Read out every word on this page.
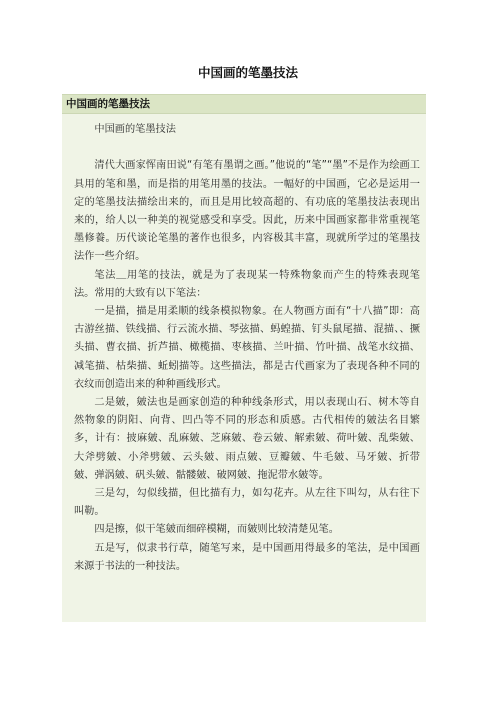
中国画的笔墨技法
中国画的笔墨技法

中国画的笔墨技法

清代大画家恽南田说“有笔有墨谓之画。”他说的“笔”“墨”不是作为绘画工具用的笔和墨，而是指的用笔用墨的技法。一幅好的中国画，它必是运用一定的笔墨技法描绘出来的，而且是用比较高超的、有功底的笔墨技法表现出来的，给人以一种美的视觉感受和享受。因此，历来中国画家都非常重视笔墨修養。历代谈论笔墨的著作也很多，内容极其丰富，现就所学过的笔墨技法作一些介绍。

笔法＿用笔的技法，就是为了表现某一特殊物象而产生的特殊表现笔法。常用的大致有以下笔法：

一是描，描是用柔顺的线条模拟物象。在人物画方面有“十八描”即：高古游丝描、铁线描、行云流水描、琴弦描、蚂蝗描、钉头鼠尾描、混描、、撅头描、曹衣描、折芦描、橄榄描、枣核描、兰叶描、竹叶描、战笔水纹描、减笔描、枯柴描、蚯蚓描等。这些描法，都是古代画家为了表现各种不同的衣纹而创造出来的种种画线形式。

二是皴，皴法也是画家创造的种种线条形式，用以表现山石、树木等自然物象的阴阳、向背、凹凸等不同的形态和质感。古代相传的皴法名目繁多，计有：披麻皴、乱麻皴、芝麻皴、卷云皴、解索皴、荷叶皴、乱柴皴、大斧劈皴、小斧劈皴、云头皴、雨点皴、豆瓣皴、牛毛皴、马牙皴、折带皴、弹涡皴、矾头皴、骷髅皴、破网皴、拖泥带水皴等。

三是勾，勾似线描，但比描有力，如勾花卉。从左往下叫勾，从右往下叫勒。

四是擦，似干笔皴而细碎模糊，而皴则比较清楚见笔。

五是写，似隶书行草，随笔写来，是中国画用得最多的笔法，是中国画来源于书法的一种技法。
